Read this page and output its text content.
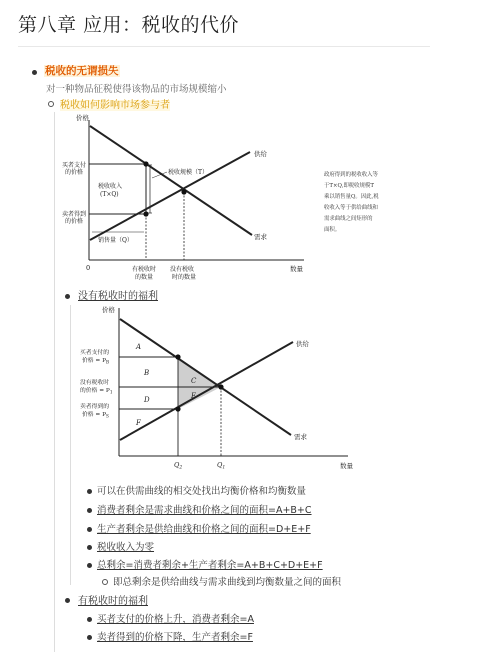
第八章 应用：税收的代价
税收的无谓损失
对一种物品征税使得该物品的市场规模缩小
税收如何影响市场参与者
价格
数量
0
供给
需求
税收规模（T）
税收收入
(T×Q)
销售量（Q）
买者支付
的价格
卖者得到
的价格
有税收时
的数量
没有税收
时的数量
政府得到的税收收入等
于T×Q,即税收规模T
乘以销售量Q。因此,税
收收入等于供给曲线和
需求曲线之间矩形的
面积。
没有税收时的福利
价格
数量
需求
供给
A
B
C
D	E
F
买者支付的
价格 = $P_B$
没有税收时
的价格 = $P_1$
卖者得到的
价格 = $P_S$
$Q_2$	$Q_1$
可以在供需曲线的相交处找出均衡价格和均衡数量
消费者剩余是需求曲线和价格之间的面积=A+B+C
生产者剩余是供给曲线和价格之间的面积=D+E+F
税收收入为零
总剩余=消费者剩余+生产者剩余=A+B+C+D+E+F
即总剩余是供给曲线与需求曲线到均衡数量之间的面积
有税收时的福利
买者支付的价格上升，消费者剩余=A
卖者得到的价格下降，生产者剩余=F
